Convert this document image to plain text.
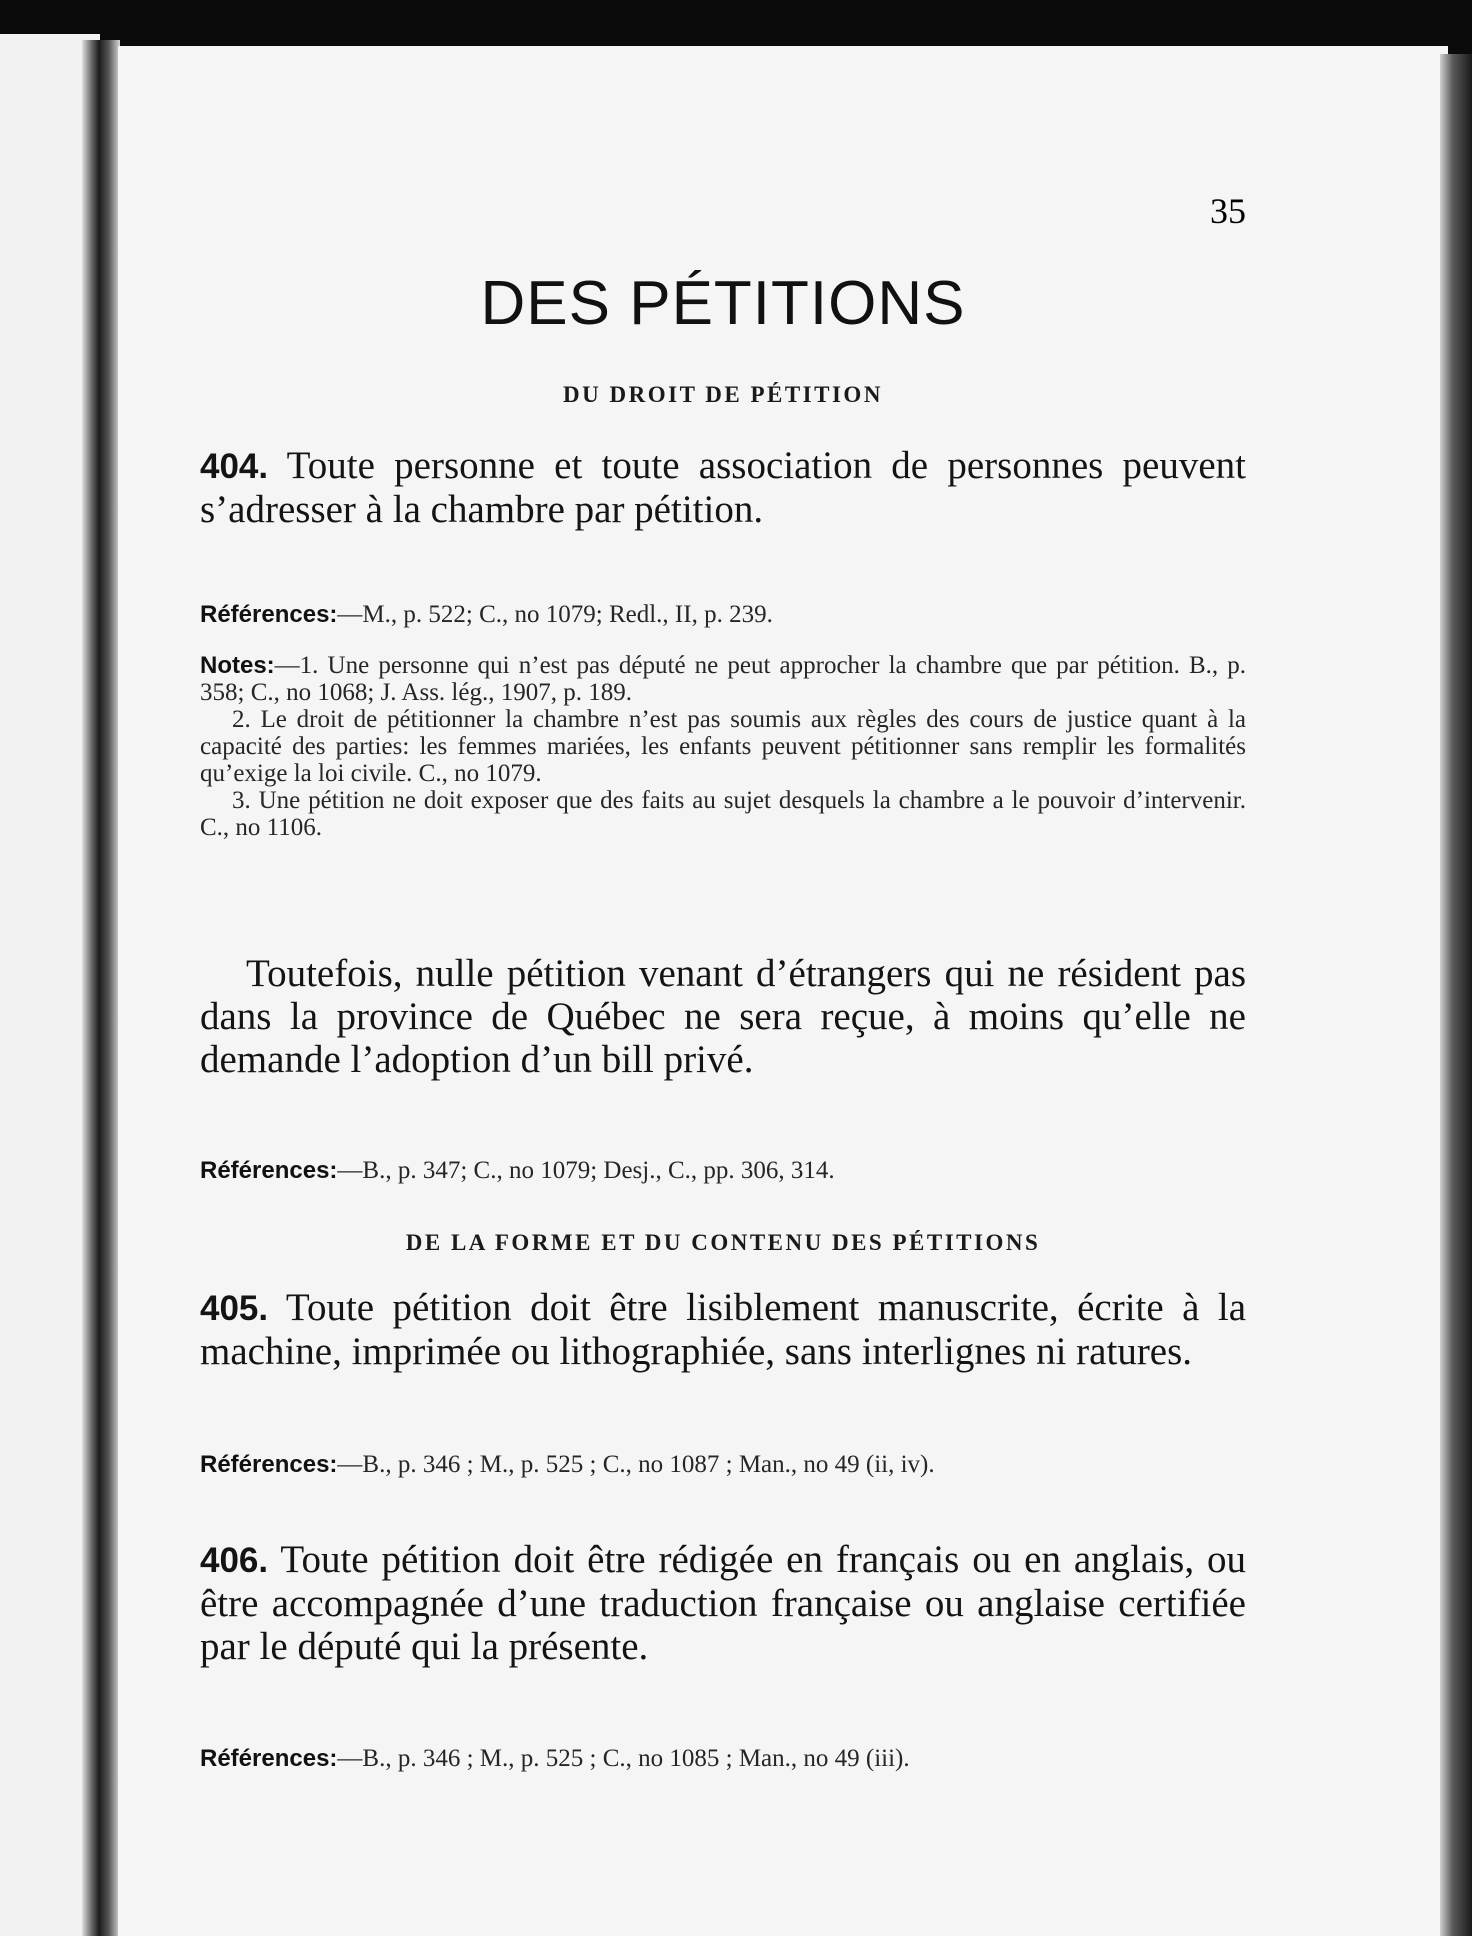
35
DES PÉTITIONS
DU DROIT DE PÉTITION

404. Toute personne et toute association de personnes peuvent s’adresser à la chambre par pétition.

Références:—M., p. 522; C., no 1079; Redl., II, p. 239.

Notes:—1. Une personne qui n’est pas député ne peut approcher la chambre que par pétition. B., p. 358; C., no 1068; J. Ass. lég., 1907, p. 189.

2. Le droit de pétitionner la chambre n’est pas soumis aux règles des cours de justice quant à la capacité des parties: les femmes mariées, les enfants peuvent pétitionner sans remplir les formalités qu’exige la loi civile. C., no 1079.

3. Une pétition ne doit exposer que des faits au sujet desquels la chambre a le pouvoir d’intervenir. C., no 1106.

Toutefois, nulle pétition venant d’étrangers qui ne résident pas dans la province de Québec ne sera reçue, à moins qu’elle ne demande l’adoption d’un bill privé.

Références:—B., p. 347; C., no 1079; Desj., C., pp. 306, 314.

DE LA FORME ET DU CONTENU DES PÉTITIONS

405. Toute pétition doit être lisiblement manuscrite, écrite à la machine, imprimée ou lithographiée, sans interlignes ni ratures.

Références:—B., p. 346 ; M., p. 525 ; C., no 1087 ; Man., no 49 (ii, iv).

406. Toute pétition doit être rédigée en français ou en anglais, ou être accompagnée d’une traduction française ou anglaise certifiée par le député qui la présente.

Références:—B., p. 346 ; M., p. 525 ; C., no 1085 ; Man., no 49 (iii).
